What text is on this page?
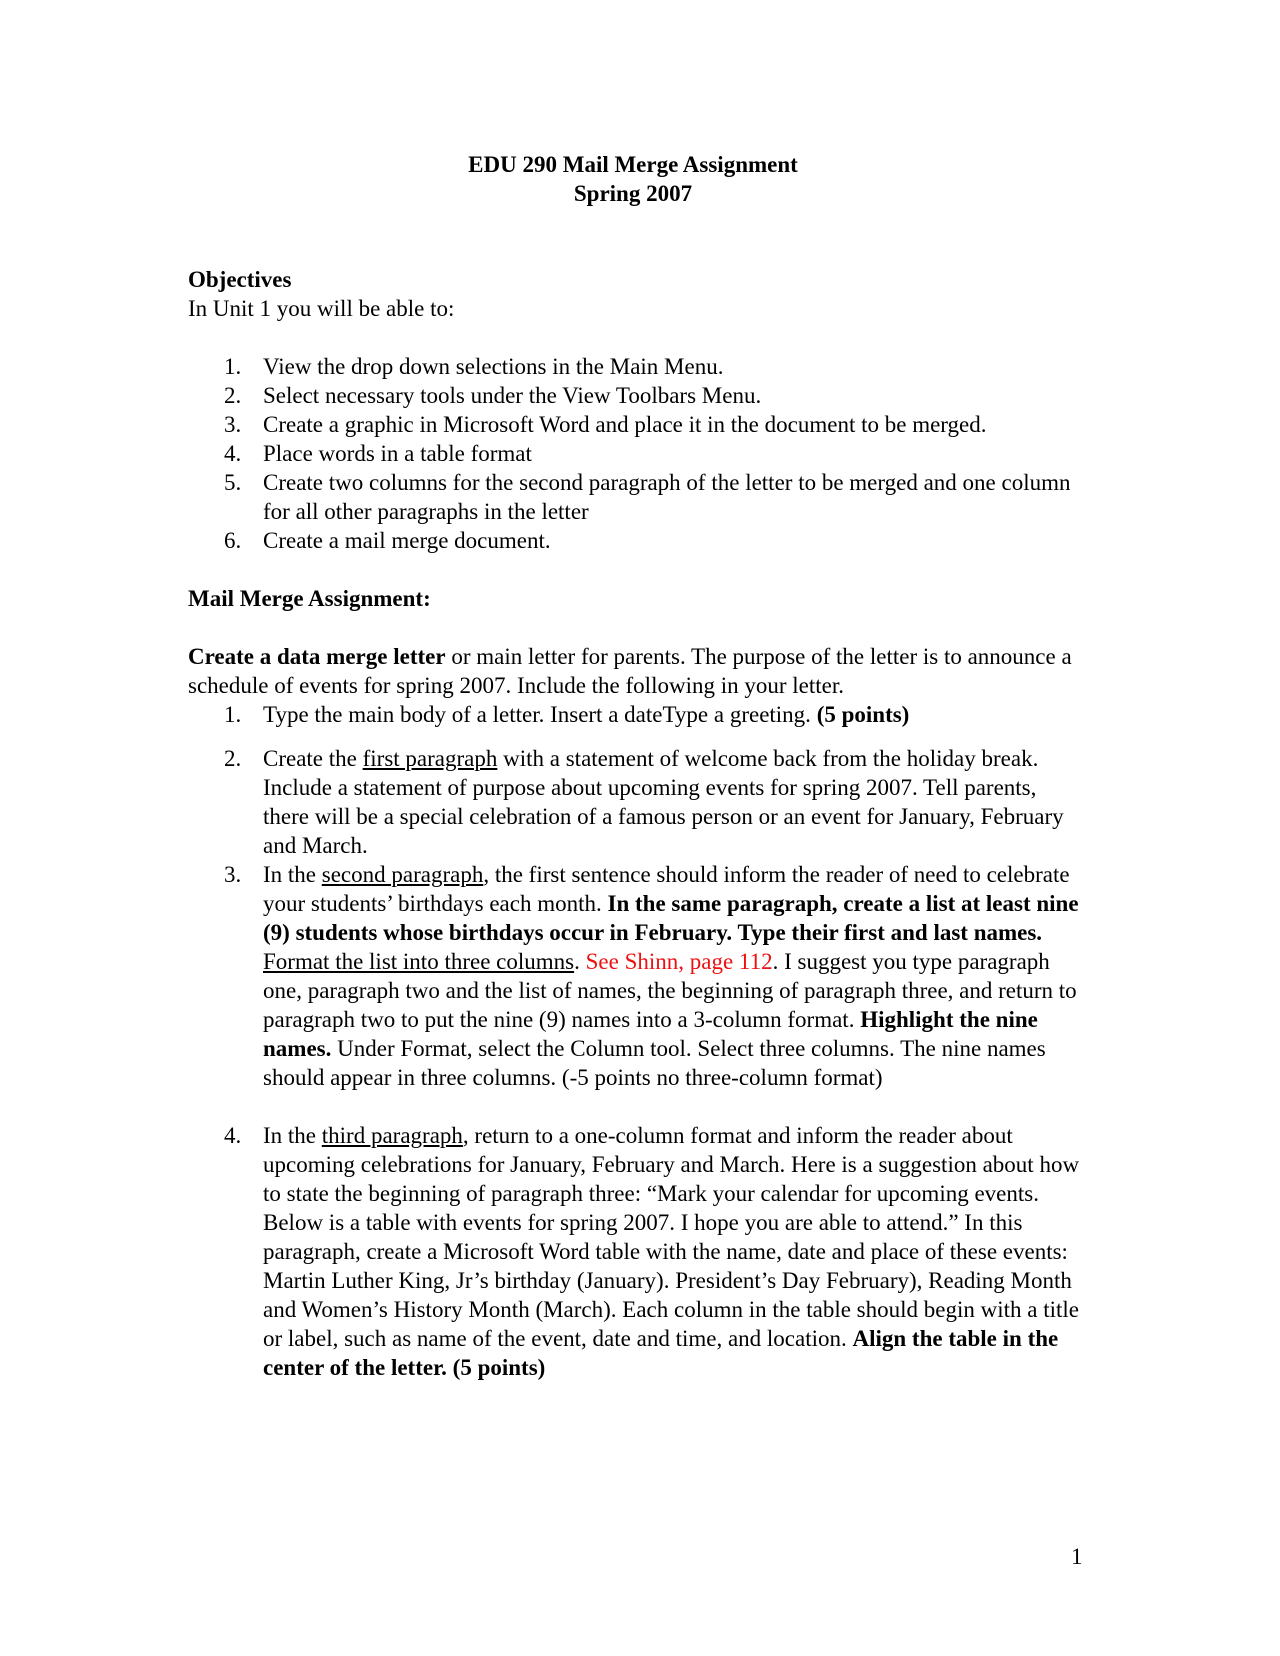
EDU 290 Mail Merge Assignment
Spring 2007
Objectives
In Unit 1 you will be able to:
1. View the drop down selections in the Main Menu.
2. Select necessary tools under the View Toolbars Menu.
3. Create a graphic in Microsoft Word and place it in the document to be merged.
4. Place words in a table format
5. Create two columns for the second paragraph of the letter to be merged and one column for all other paragraphs in the letter
6. Create a mail merge document.
Mail Merge Assignment:
Create a data merge letter or main letter for parents. The purpose of the letter is to announce a schedule of events for spring 2007. Include the following in your letter.
1. Type the main body of a letter. Insert a dateType a greeting. (5 points)
2. Create the first paragraph with a statement of welcome back from the holiday break. Include a statement of purpose about upcoming events for spring 2007. Tell parents, there will be a special celebration of a famous person or an event for January, February and March.
3. In the second paragraph, the first sentence should inform the reader of need to celebrate your students’ birthdays each month. In the same paragraph, create a list at least nine (9) students whose birthdays occur in February. Type their first and last names. Format the list into three columns. See Shinn, page 112. I suggest you type paragraph one, paragraph two and the list of names, the beginning of paragraph three, and return to paragraph two to put the nine (9) names into a 3-column format. Highlight the nine names. Under Format, select the Column tool. Select three columns. The nine names should appear in three columns. (-5 points no three-column format)
4. In the third paragraph, return to a one-column format and inform the reader about upcoming celebrations for January, February and March. Here is a suggestion about how to state the beginning of paragraph three: “Mark your calendar for upcoming events. Below is a table with events for spring 2007. I hope you are able to attend.” In this paragraph, create a Microsoft Word table with the name, date and place of these events: Martin Luther King, Jr’s birthday (January). President’s Day February), Reading Month and Women’s History Month (March). Each column in the table should begin with a title or label, such as name of the event, date and time, and location. Align the table in the center of the letter. (5 points)
1
